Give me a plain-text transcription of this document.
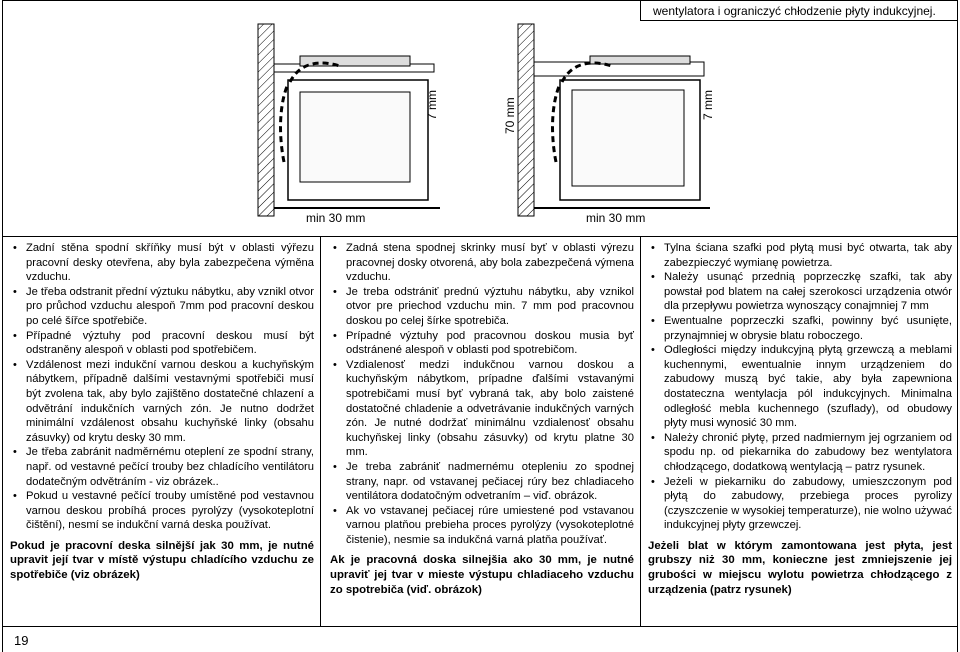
wentylatora i ograniczyć chłodzenie płyty indukcyjnej.
7 mm
min 30 mm
70 mm	7 mm
min 30 mm
• Zadní stěna spodní skříňky musí být v oblasti výřezu pracovní desky otevřena, aby byla zabezpečena výměna vzduchu.
• Je třeba odstranit přední výztuku nábytku, aby vznikl otvor pro průchod vzduchu alespoň 7mm pod pracovní deskou po celé šířce spotřebiče.
• Případné výztuhy pod pracovní deskou musí být odstraněny alespoň v oblasti pod spotřebičem.
• Vzdálenost mezi indukční varnou deskou a kuchyňským nábytkem, případně dalšími vestavnými spotřebiči musí být zvolena tak, aby bylo zajištěno dostatečné chlazení a odvětrání indukčních varných zón. Je nutno dodržet minimální vzdálenost obsahu kuchyňské linky (obsahu zásuvky) od krytu desky 30 mm.
• Je třeba zabránit nadměrnému oteplení ze spodní strany, např. od vestavné pečící trouby bez chladícího ventilátoru dodatečným odvětráním - viz obrázek..
• Pokud u vestavné pečící trouby umístěné pod vestavnou varnou deskou probíhá proces pyrolýzy (vysokoteplotní čištění), nesmí se indukční varná deska používat.
Pokud je pracovní deska silnější jak 30 mm, je nutné upravit její tvar v místě výstupu chladícího vzduchu ze spotřebiče (viz obrázek)
• Zadná stena spodnej skrinky musí byť v oblasti výrezu pracovnej dosky otvorená, aby bola zabezpečená výmena vzduchu.
• Je treba odstrániť prednú výztuhu nábytku, aby vznikol otvor pre priechod vzduchu min. 7 mm pod pracovnou doskou po celej šírke spotrebiča.
• Prípadné výztuhy pod pracovnou doskou musia byť odstránené alespoň v oblasti pod spotrebičom.
• Vzdialenosť medzi indukčnou varnou doskou a kuchyňským nábytkom, prípadne ďalšími vstavanými spotrebičami musí byť vybraná tak, aby bolo zaistené dostatočné chladenie a odvetrávanie indukčných varných zón. Je nutné dodržať minimálnu vzdialenosť obsahu kuchyňskej linky (obsahu zásuvky) od krytu platne 30 mm.
• Je treba zabrániť nadmernému otepleniu zo spodnej strany, napr. od vstavanej pečiacej rúry bez chladiaceho ventilátora dodatočným odvetraním – viď. obrázok.
• Ak vo vstavanej pečiacej rúre umiestené pod vstavanou varnou platňou prebieha proces pyrolýzy (vysokoteplotné čistenie), nesmie sa indukčná varná platňa používať.
Ak je pracovná doska silnejšia ako 30 mm, je nutné upraviť jej tvar v mieste výstupu chladiaceho vzduchu zo spotrebiča (viď. obrázok)
• Tylna ściana szafki pod płytą musi być otwarta, tak aby zabezpieczyć wymianę powietrza.
• Należy usunąć przednią poprzeczkę szafki, tak aby powstał pod blatem na całej szerokosci urządzenia otwór dla przepływu powietrza wynoszący conajmniej 7 mm
• Ewentualne poprzeczki szafki, powinny być usunięte, przynajmniej w obrysie blatu roboczego.
• Odległości między indukcyjną płytą grzewczą a meblami kuchennymi, ewentualnie innym urządzeniem do zabudowy muszą być takie, aby była zapewniona dostateczna wentylacja pól indukcyjnych. Minimalna odległość mebla kuchennego (szuflady), od obudowy płyty musi wynosić 30 mm.
• Należy chronić płytę, przed nadmiernym jej ogrzaniem od spodu np. od piekarnika do zabudowy bez wentylatora chłodzącego, dodatkową wentylacją – patrz rysunek.
• Jeżeli w piekarniku do zabudowy, umieszczonym pod płytą do zabudowy, przebiega proces pyrolizy (czyszczenie w wysokiej temperaturze), nie wolno używać indukcyjnej płyty grzewczej.
Jeżeli blat w którym zamontowana jest płyta, jest grubszy niż 30 mm, konieczne jest zmniejszenie jej grubości w miejscu wylotu powietrza chłodzącego z urządzenia (patrz rysunek)
19
